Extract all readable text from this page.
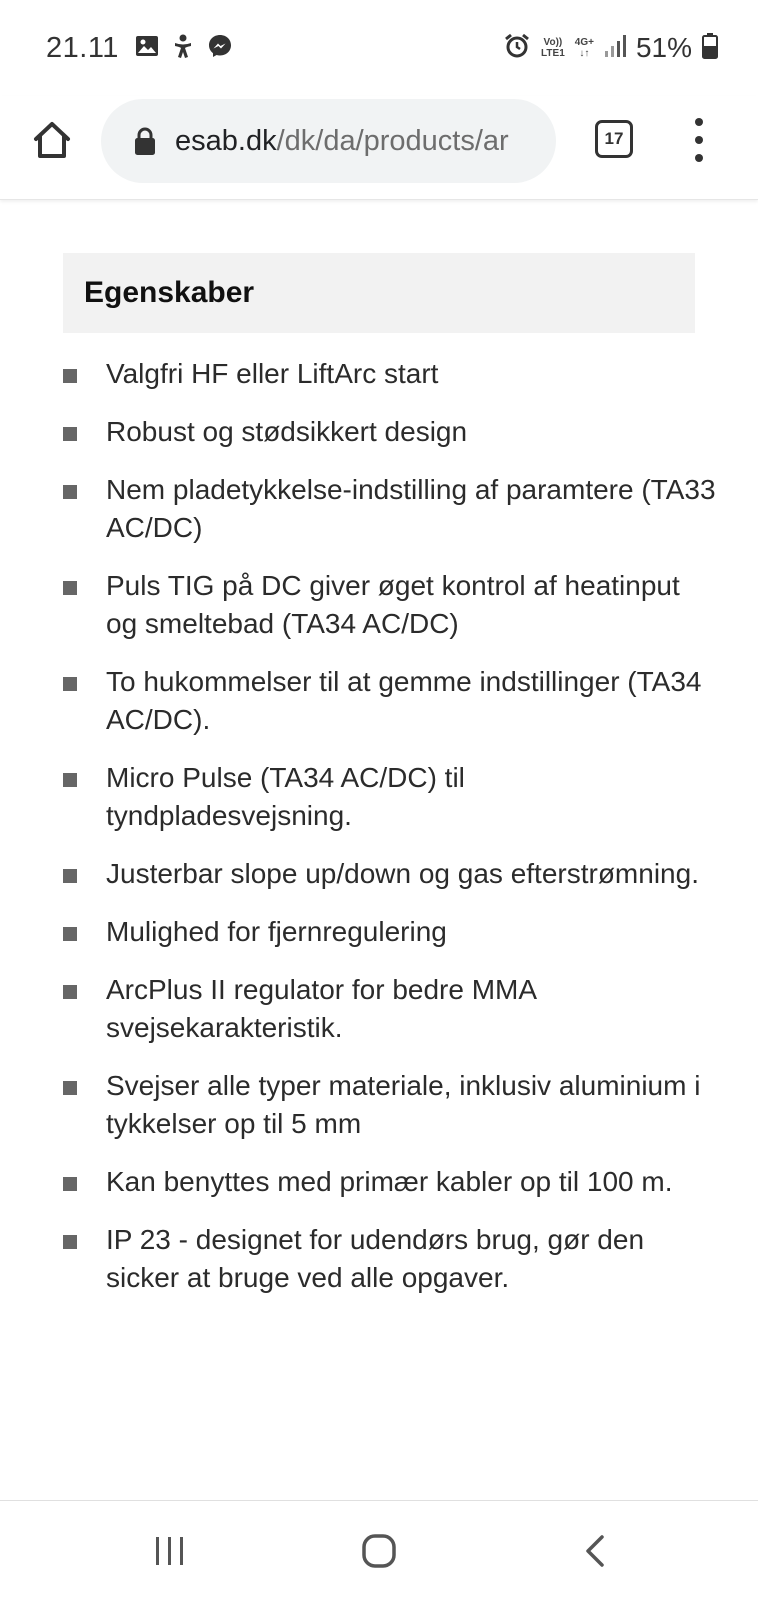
21.11	Vo))
LTE1
4G+
↓↑ 51%
esab.dk/dk/da/products/ar	17
Egenskaber
Valgfri HF eller LiftArc start
Robust og stødsikkert design
Nem pladetykkelse-indstilling af paramtere (TA33 AC/DC)
Puls TIG på DC giver øget kontrol af heatinput og smeltebad (TA34 AC/DC)
To hukommelser til at gemme indstillinger (TA34 AC/DC).
Micro Pulse (TA34 AC/DC) til tyndpladesvejsning.
Justerbar slope up/down og gas efterstrømning.
Mulighed for fjernregulering
ArcPlus II regulator for bedre MMA svejsekarakteristik.
Svejser alle typer materiale, inklusiv aluminium i tykkelser op til 5 mm
Kan benyttes med primær kabler op til 100 m.
IP 23 - designet for udendørs brug, gør den sicker at bruge ved alle opgaver.
